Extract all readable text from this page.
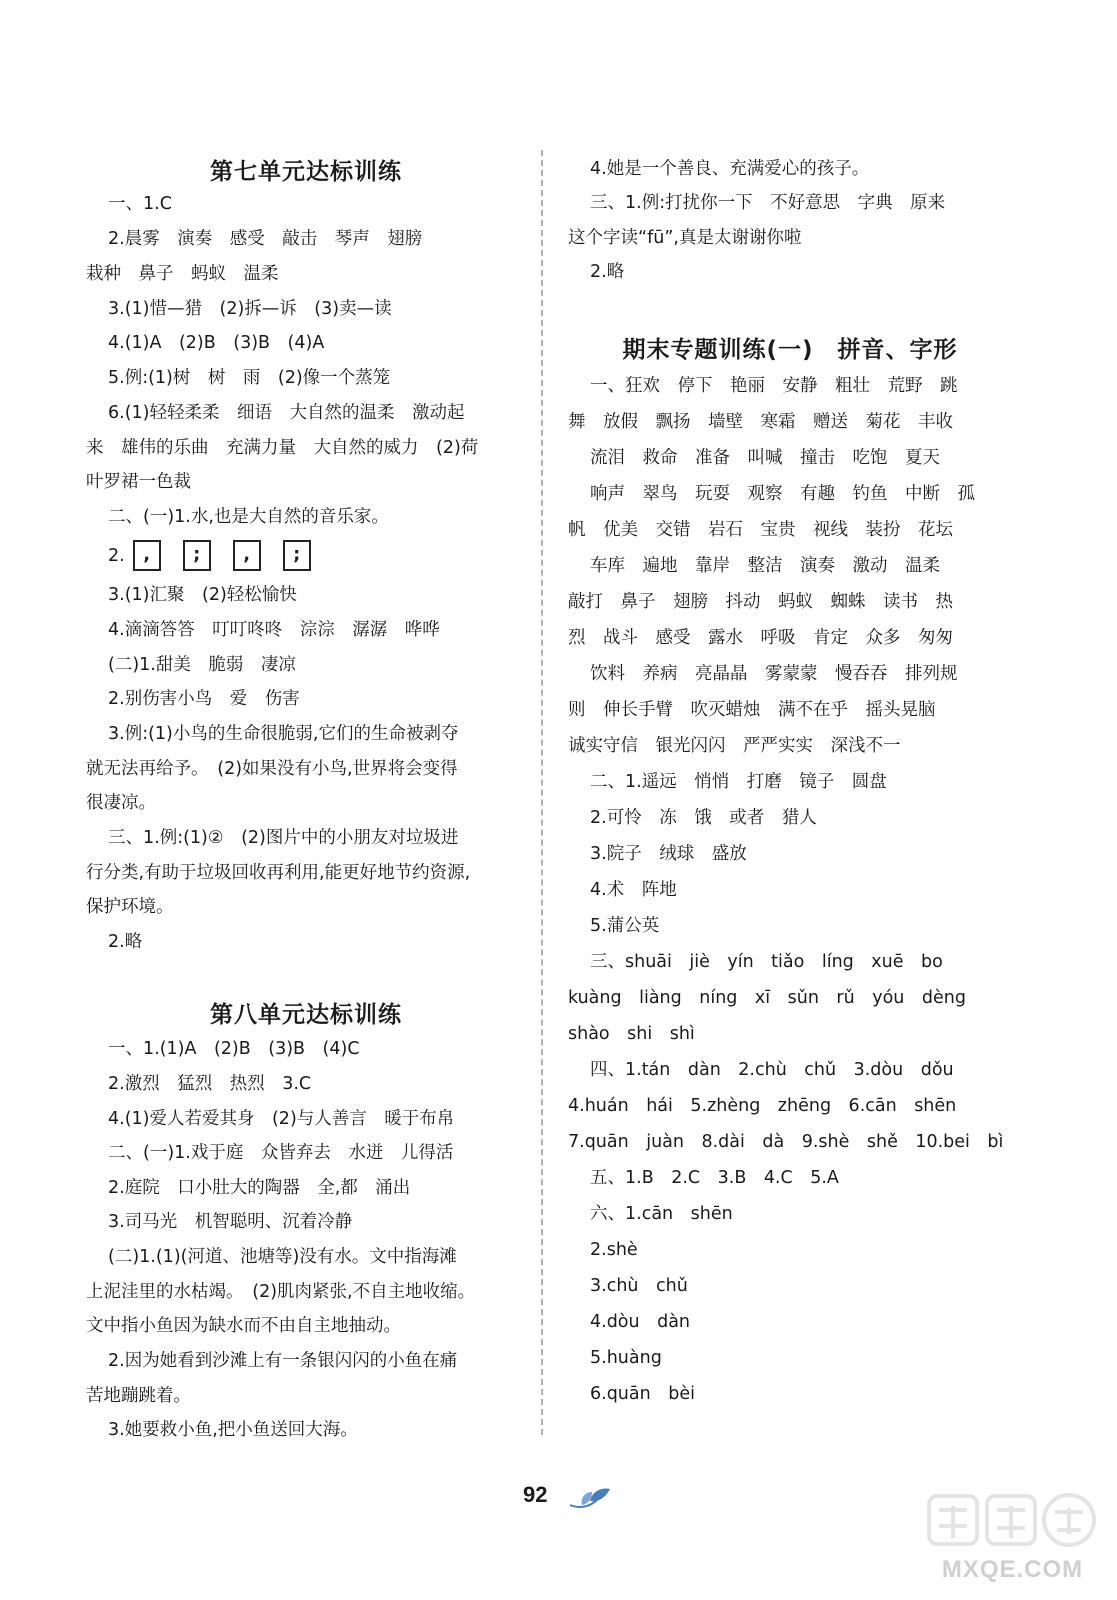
第七单元达标训练
一、1.C
2.晨雾　演奏　感受　敲击　琴声　翅膀
栽种　鼻子　蚂蚁　温柔
3.(1)惜—猎　(2)拆—诉　(3)卖—读
4.(1)A　(2)B　(3)B　(4)A
5.例:(1)树　树　雨　(2)像一个蒸笼
6.(1)轻轻柔柔　细语　大自然的温柔　激动起
来　雄伟的乐曲　充满力量　大自然的威力　(2)荷
叶罗裙一色裁
二、(一)1.水,也是大自然的音乐家。
2.	,	;	,	;
3.(1)汇聚　(2)轻松愉快
4.滴滴答答　叮叮咚咚　淙淙　潺潺　哗哗
(二)1.甜美　脆弱　凄凉
2.别伤害小鸟　爱　伤害
3.例:(1)小鸟的生命很脆弱,它们的生命被剥夺
就无法再给予。　(2)如果没有小鸟,世界将会变得
很凄凉。
三、1.例:(1)②　(2)图片中的小朋友对垃圾进
行分类,有助于垃圾回收再利用,能更好地节约资源,
保护环境。
2.略
第八单元达标训练
一、1.(1)A　(2)B　(3)B　(4)C
2.激烈　猛烈　热烈　3.C
4.(1)爱人若爱其身　(2)与人善言　暖于布帛
二、(一)1.戏于庭　众皆弃去　水迸　儿得活
2.庭院　口小肚大的陶器　全,都　涌出
3.司马光　机智聪明、沉着冷静
(二)1.(1)(河道、池塘等)没有水。文中指海滩
上泥洼里的水枯竭。　(2)肌肉紧张,不自主地收缩。
文中指小鱼因为缺水而不由自主地抽动。
2.因为她看到沙滩上有一条银闪闪的小鱼在痛
苦地蹦跳着。
3.她要救小鱼,把小鱼送回大海。
4.她是一个善良、充满爱心的孩子。
三、1.例:打扰你一下　不好意思　字典　原来
这个字读“fū”,真是太谢谢你啦
2.略
期末专题训练(一)　拼音、字形
一、狂欢　停下　艳丽　安静　粗壮　荒野　跳
舞　放假　飘扬　墙壁　寒霜　赠送　菊花　丰收
流泪　救命　准备　叫喊　撞击　吃饱　夏天
响声　翠鸟　玩耍　观察　有趣　钓鱼　中断　孤
帆　优美　交错　岩石　宝贵　视线　装扮　花坛
车库　遍地　靠岸　整洁　演奏　激动　温柔
敲打　鼻子　翅膀　抖动　蚂蚁　蜘蛛　读书　热
烈　战斗　感受　露水　呼吸　肯定　众多　匆匆
饮料　养病　亮晶晶　雾蒙蒙　慢吞吞　排列规
则　伸长手臂　吹灭蜡烛　满不在乎　摇头晃脑
诚实守信　银光闪闪　严严实实　深浅不一
二、1.遥远　悄悄　打磨　镜子　圆盘
2.可怜　冻　饿　或者　猎人
3.院子　绒球　盛放
4.术　阵地
5.蒲公英
三、shuāi　jiè　yín　tiǎo　líng　xuē　bo
kuàng　liàng　níng　xī　sǔn　rǔ　yóu　dèng
shào　shi　shì
四、1.tán　dàn　2.chù　chǔ　3.dòu　dǒu
4.huán　hái　5.zhèng　zhēng　6.cān　shēn
7.quān　juàn　8.dài　dà　9.shè　shě　10.bei　bì
五、1.B　2.C　3.B　4.C　5.A
六、1.cān　shēn
2.shè
3.chù　chǔ
4.dòu　dàn
5.huàng
6.quān　bèi
92
MXQE.COM
